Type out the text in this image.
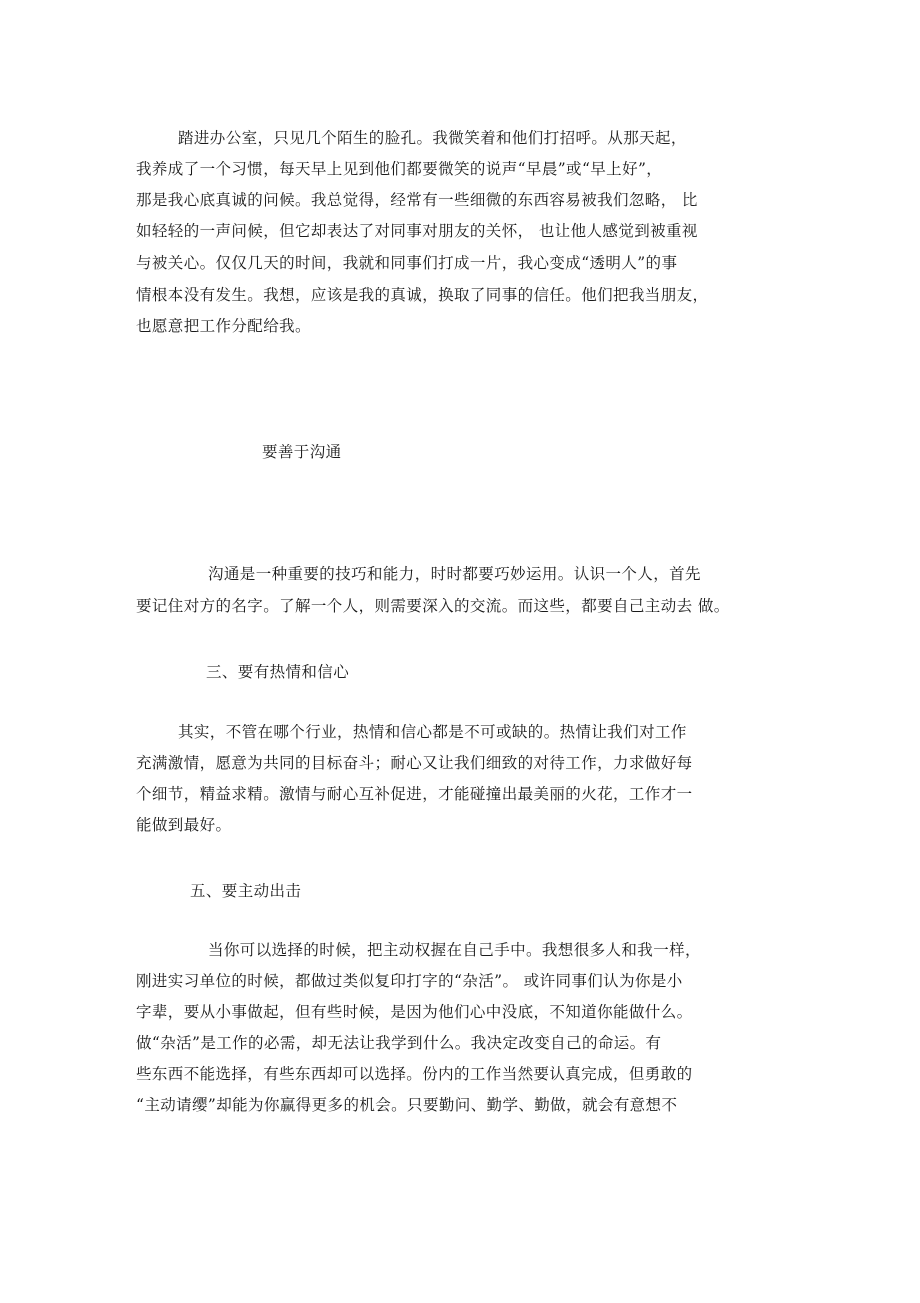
踏进办公室，只见几个陌生的脸孔。我微笑着和他们打招呼。从那天起，
我养成了一个习惯，每天早上见到他们都要微笑的说声“早晨”或“早上好”，
那是我心底真诚的问候。我总觉得，经常有一些细微的东西容易被我们忽略， 比
如轻轻的一声问候，但它却表达了对同事对朋友的关怀， 也让他人感觉到被重视
与被关心。仅仅几天的时间，我就和同事们打成一片，我心变成“透明人”的事
情根本没有发生。我想，应该是我的真诚，换取了同事的信任。他们把我当朋友，
也愿意把工作分配给我。
要善于沟通
沟通是一种重要的技巧和能力，时时都要巧妙运用。认识一个人，首先
要记住对方的名字。了解一个人，则需要深入的交流。而这些，都要自己主动去 做。
三、要有热情和信心
其实，不管在哪个行业，热情和信心都是不可或缺的。热情让我们对工作
充满激情，愿意为共同的目标奋斗；耐心又让我们细致的对待工作，力求做好每
个细节，精益求精。激情与耐心互补促进，才能碰撞出最美丽的火花，工作才一
能做到最好。
五、要主动出击
当你可以选择的时候，把主动权握在自己手中。我想很多人和我一样，
刚进实习单位的时候，都做过类似复印打字的“杂活”。 或许同事们认为你是小
字辈，要从小事做起，但有些时候，是因为他们心中没底，不知道你能做什么。
做“杂活”是工作的必需，却无法让我学到什么。我决定改变自己的命运。有
些东西不能选择，有些东西却可以选择。份内的工作当然要认真完成，但勇敢的
“主动请缨”却能为你赢得更多的机会。只要勤问、勤学、勤做，就会有意想不
